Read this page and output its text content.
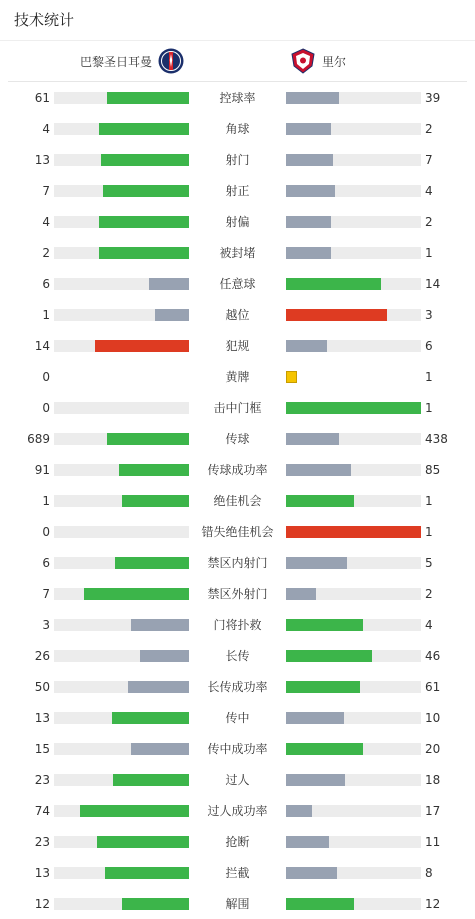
技术统计
巴黎圣日耳曼	里尔
61	控球率	39
4	角球	2
13	射门	7
7	射正	4
4	射偏	2
2	被封堵	1
6	任意球	14
1	越位	3
14	犯规	6
0	黄牌	1
0	击中门框	1
689	传球	438
91	传球成功率	85
1	绝佳机会	1
0	错失绝佳机会	1
6	禁区内射门	5
7	禁区外射门	2
3	门将扑救	4
26	长传	46
50	长传成功率	61
13	传中	10
15	传中成功率	20
23	过人	18
74	过人成功率	17
23	抢断	11
13	拦截	8
12	解围	12
